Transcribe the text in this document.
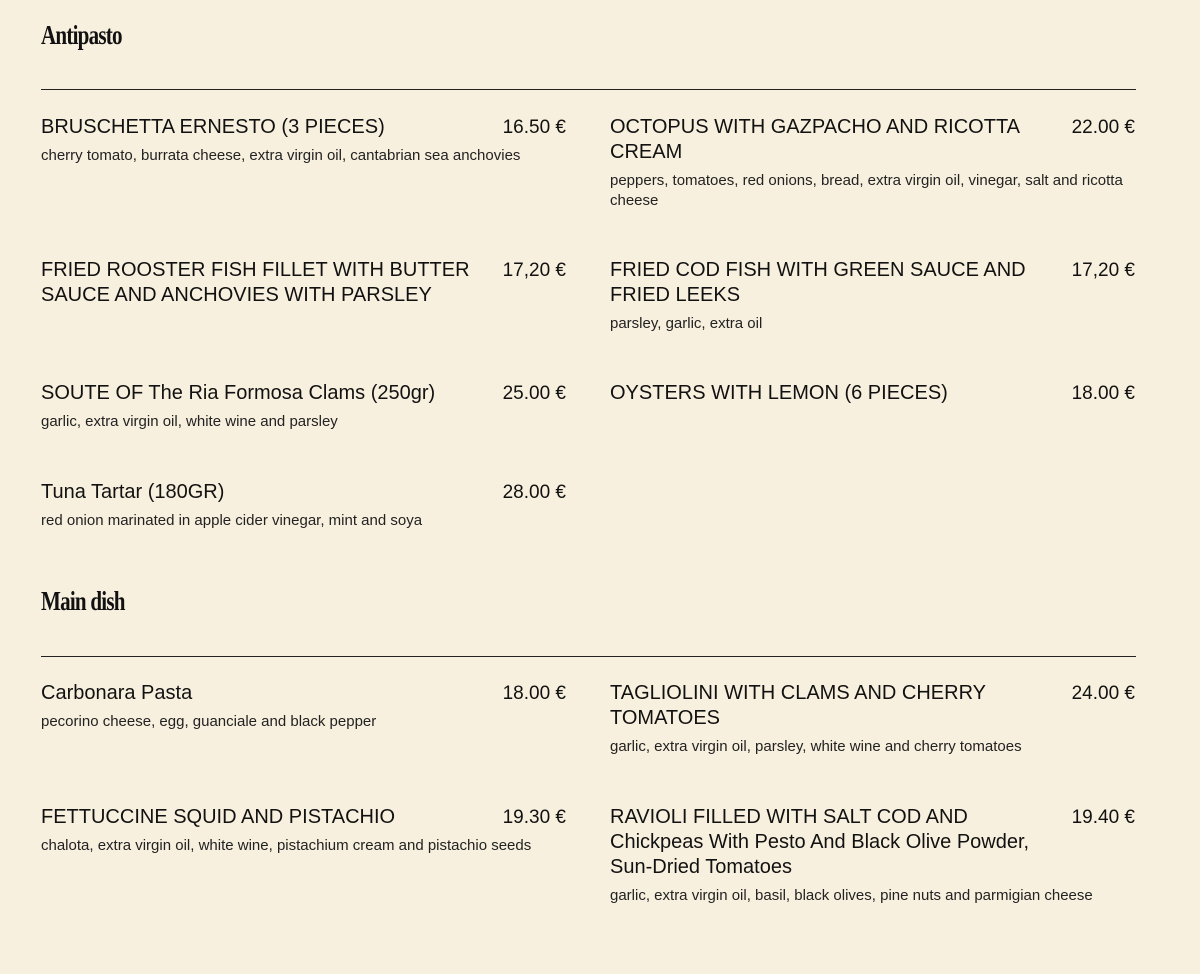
Antipasto
BRUSCHETTA ERNESTO (3 PIECES)	16.50 €
cherry tomato, burrata cheese, extra virgin oil, cantabrian sea anchovies
OCTOPUS WITH GAZPACHO AND RICOTTA CREAM
22.00 €
peppers, tomatoes, red onions, bread, extra virgin oil, vinegar, salt and ricotta cheese
FRIED ROOSTER FISH FILLET WITH BUTTER SAUCE AND ANCHOVIES WITH PARSLEY
17,20 € FRIED COD FISH WITH GREEN SAUCE AND FRIED LEEKS
17,20 €
parsley, garlic, extra oil
SOUTE OF The Ria Formosa Clams (250gr)	25.00 €
garlic, extra virgin oil, white wine and parsley
OYSTERS WITH LEMON (6 PIECES)	18.00 €
Tuna Tartar (180GR)	28.00 €
red onion marinated in apple cider vinegar, mint and soya
Main dish
Carbonara Pasta	18.00 €
pecorino cheese, egg, guanciale and black pepper
TAGLIOLINI WITH CLAMS AND CHERRY TOMATOES
24.00 €
garlic, extra virgin oil, parsley, white wine and cherry tomatoes
FETTUCCINE SQUID AND PISTACHIO	19.30 €
chalota, extra virgin oil, white wine, pistachium cream and pistachio seeds
RAVIOLI FILLED WITH SALT COD AND Chickpeas With Pesto And Black Olive Powder, Sun-Dried Tomatoes
19.40 €
garlic, extra virgin oil, basil, black olives, pine nuts and parmigian cheese
